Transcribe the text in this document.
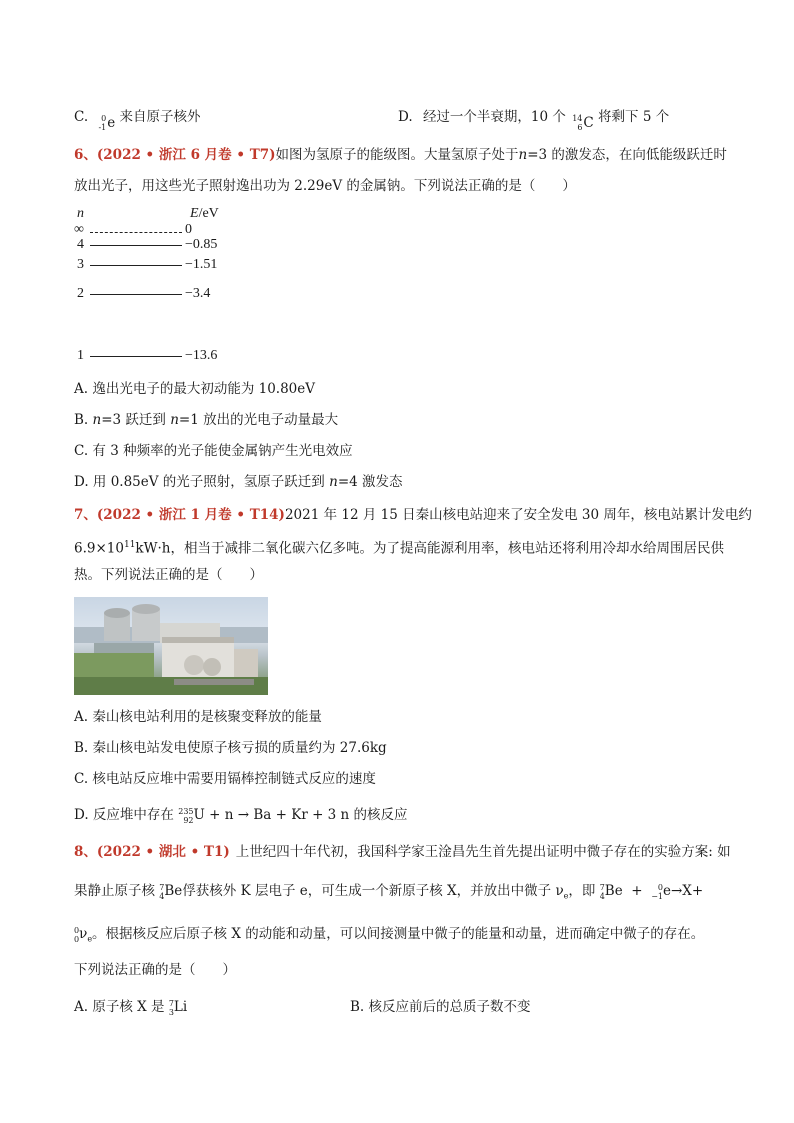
C. 0
-1 e 来自原子核外	D. 经过一个半衰期，10 个 14
6 C 将剩下 5 个
6、(2022 • 浙江 6 月卷 • T7)如图为氢原子的能级图。大量氢原子处于n=3 的激发态，在向低能级跃迁时
放出光子，用这些光子照射逸出功为 2.29eV 的金属钠。下列说法正确的是（　　）
n	E/eV
∞	0
4	−0.85
3	−1.51
2	−3.4
1	−13.6
A. 逸出光电子的最大初动能为 10.80eV
B. n=3 跃迁到 n=1 放出的光电子动量最大
C. 有 3 种频率的光子能使金属钠产生光电效应
D. 用 0.85eV 的光子照射，氢原子跃迁到 n=4 激发态
7、(2022 • 浙江 1 月卷 • T14)2021 年 12 月 15 日秦山核电站迎来了安全发电 30 周年，核电站累计发电约
$6.9\times 10^{11}kW\cdot h$，相当于减排二氧化碳六亿多吨。为了提高能源利用率，核电站还将利用冷却水给周围居民供
热。下列说法正确的是（　　）
A. 秦山核电站利用的是核聚变释放的能量
B. 秦山核电站发电使原子核亏损的质量约为 27.6kg
C. 核电站反应堆中需要用镉棒控制链式反应的速度
D. 反应堆中存在 235
92 U + n → Ba + Kr + 3 n 的核反应
8、(2022 • 湖北 • T1) 上世纪四十年代初，我国科学家王淦昌先生首先提出证明中微子存在的实验方案: 如
果静止原子核 7
4 Be俘获核外 K 层电子 e，可生成一个新原子核 X，并放出中微子 $\nu_e$，即 7
4 Be  + 0
−1 e→X+
0
0 $\nu_e$。根据核反应后原子核 X 的动能和动量，可以间接测量中微子的能量和动量，进而确定中微子的存在。
下列说法正确的是（　　）
A. 原子核 X 是 7
3 Li	B. 核反应前后的总质子数不变
